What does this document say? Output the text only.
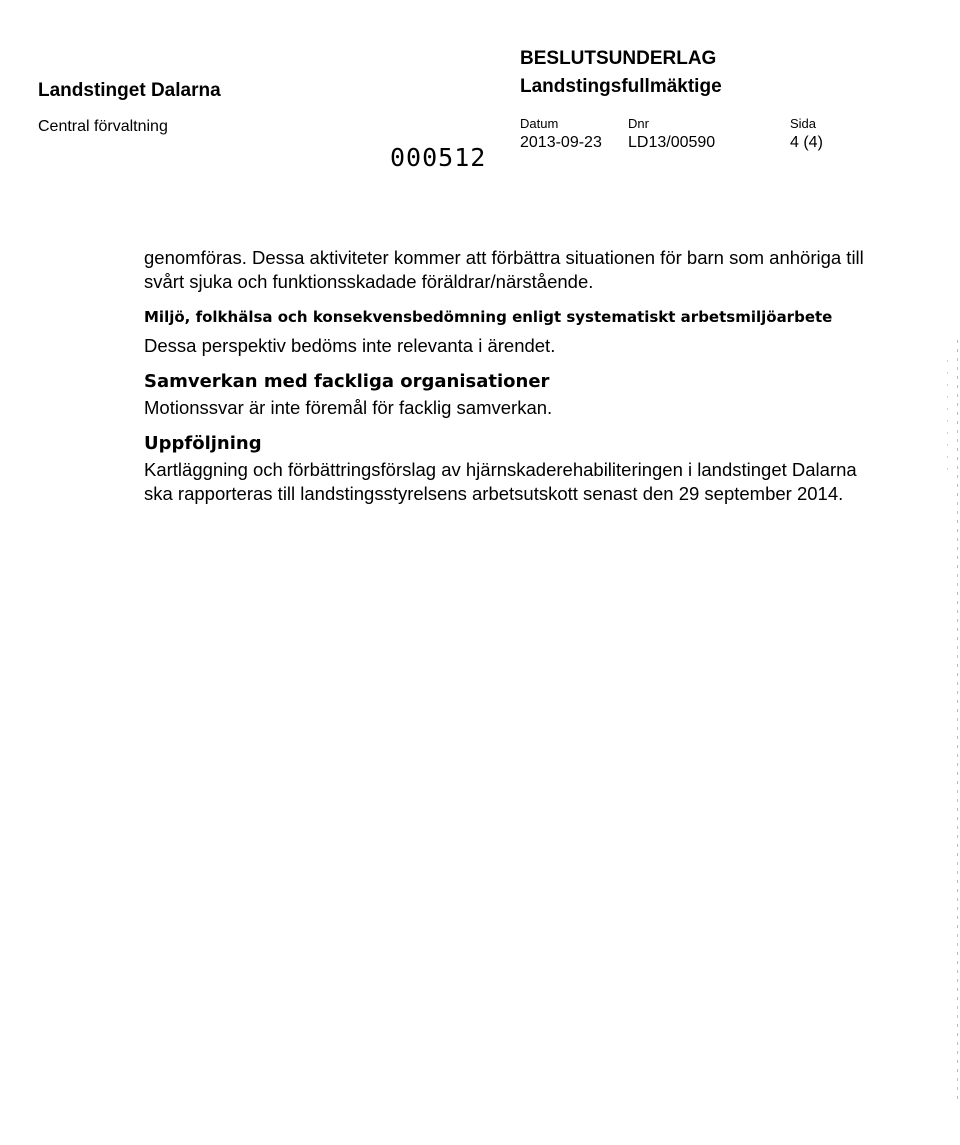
Landstinget Dalarna
Central förvaltning
BESLUTSUNDERLAG
Landstingsfullmäktige
Datum	Dnr	Sida
2013-09-23 LD13/00590	4 (4)
000512

genomföras. Dessa aktiviteter kommer att förbättra situationen för barn som anhöriga till svårt sjuka och funktionsskadade föräldrar/närstående.

Miljö, folkhälsa och konsekvensbedömning enligt systematiskt arbetsmiljöarbete

Dessa perspektiv bedöms inte relevanta i ärendet.

Samverkan med fackliga organisationer

Motionssvar är inte föremål för facklig samverkan.

Uppföljning

Kartläggning och förbättringsförslag av hjärnskaderehabiliteringen i landstinget Dalarna ska rapporteras till landstingsstyrelsens arbetsutskott senast den 29 september 2014.
